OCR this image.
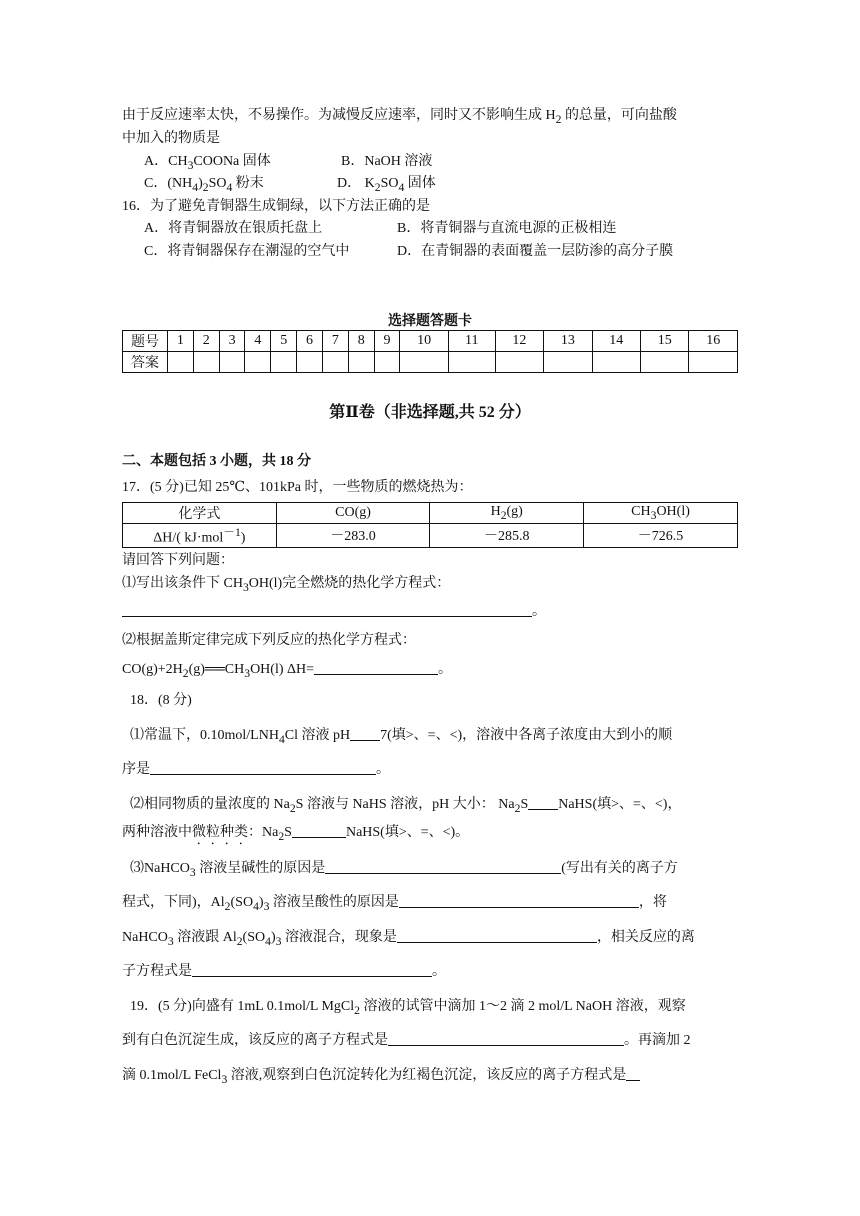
由于反应速率太快，不易操作。为减慢反应速率，同时又不影响生成 $H_2$ 的总量，可向盐酸
中加入的物质是
A．$CH_3COONa$ 固体	B．NaOH 溶液
C．$(NH_4)_2SO_4$ 粉末	D． $K_2SO_4$ 固体
16．为了避免青铜器生成铜绿，以下方法正确的是
A．将青铜器放在银质托盘上	B．将青铜器与直流电源的正极相连
C．将青铜器保存在潮湿的空气中	D．在青铜器的表面覆盖一层防渗的高分子膜
选择题答题卡
题号	1	2	3	4	5	6	7	8	9	10	11	12	13	14	15	16
答案																
第Ⅱ卷（非选择题,共 52 分）
二、本题包括 3 小题，共 18 分
17．(5 分)已知 25℃、101kPa 时，一些物质的燃烧热为：
化学式	CO(g)	$H_2(g)$	$CH_3OH(l)$
ΔH/( kJ·mol$^{-1}$)	－283.0	－285.8	－726.5
请回答下列问题：
⑴写出该条件下 $CH_3OH(l)$完全燃烧的热化学方程式：
。
⑵根据盖斯定律完成下列反应的热化学方程式：
$CO(g)+2H_2(g)══CH_3OH(l)$ ΔH=	。
18．(8 分)
⑴常温下，$0.10mol/LNH_4Cl$ 溶液 pH 7(填>、=、<)，溶液中各离子浓度由大到小的顺
序是	。
⑵相同物质的量浓度的 $Na_2S$ 溶液与 NaHS 溶液，pH 大小： $Na_2S$ NaHS(填>、=、<)，
两种溶液中微粒种类：$Na_2S$	NaHS(填>、=、<)。
⑶NaHCO$_3$ 溶液呈碱性的原因是	(写出有关的离子方
程式，下同)，$Al_2(SO_4)_3$ 溶液呈酸性的原因是	，将
NaHCO$_3$ 溶液跟 $Al_2(SO_4)_3$ 溶液混合，现象是	，相关反应的离
子方程式是	。
19．(5 分)向盛有 1mL 0.1mol/L MgCl$_2$ 溶液的试管中滴加 1～2 滴 2 mol/L NaOH 溶液，观察
到有白色沉淀生成，该反应的离子方程式是	。再滴加 2
滴 0.1mol/L FeCl$_3$ 溶液,观察到白色沉淀转化为红褐色沉淀，该反应的离子方程式是
